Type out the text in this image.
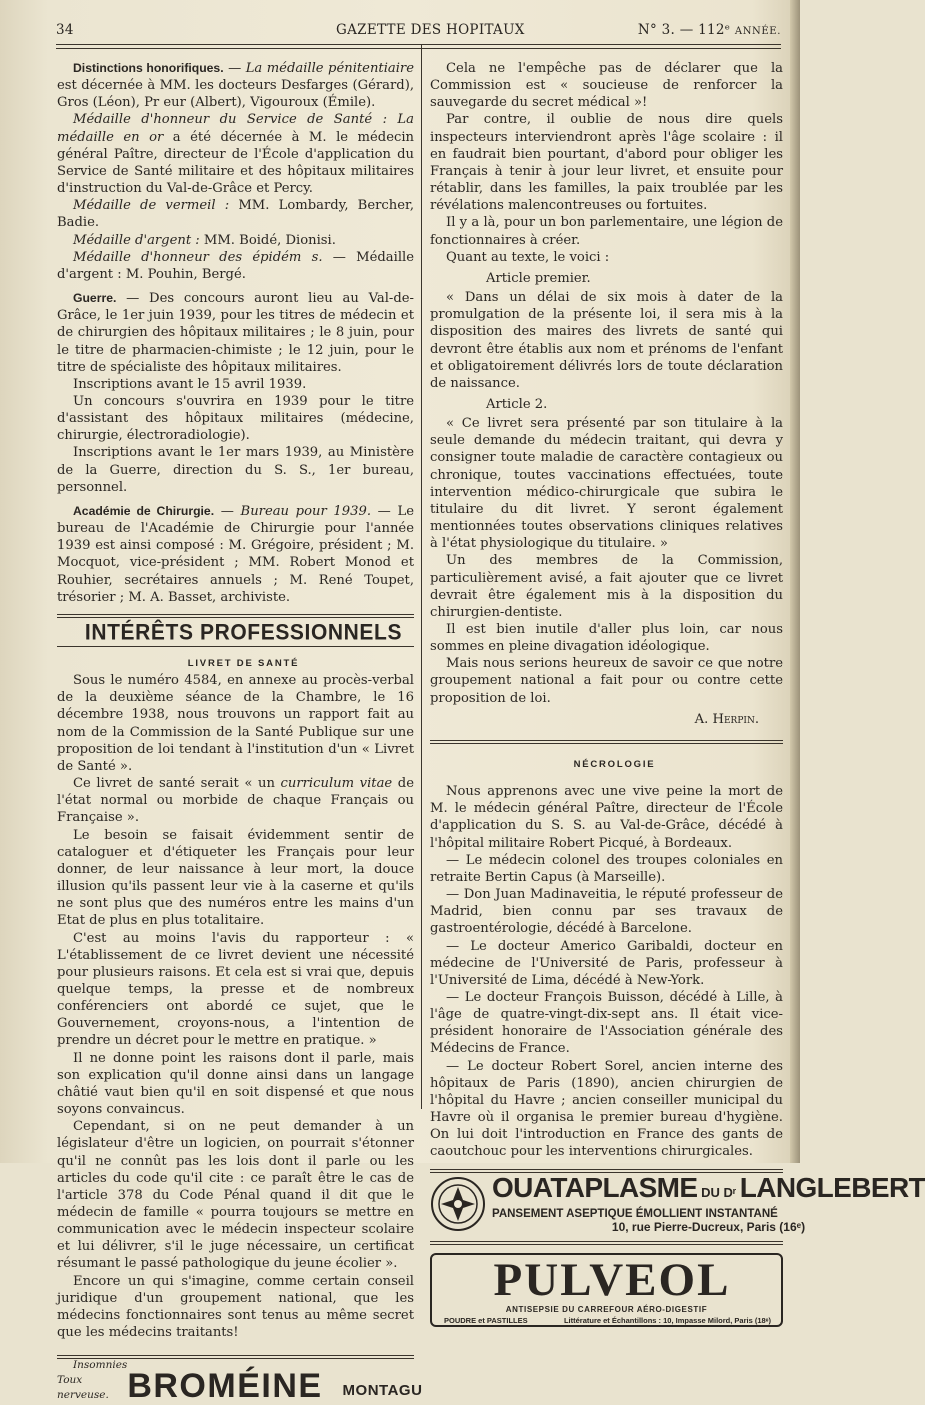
34	GAZETTE DES HOPITAUX	N° 3. — 112ᵉ ANNÉE.

Distinctions honorifiques. — La médaille pénitentiaire est décernée à MM. les docteurs Desfarges (Gérard), Gros (Léon), Pr eur (Albert), Vigouroux (Émile).

Médaille d'honneur du Service de Santé : La médaille en or a été décernée à M. le médecin général Paître, directeur de l'École d'application du Service de Santé militaire et des hôpitaux militaires d'instruction du Val-de-Grâce et Percy.

Médaille de vermeil : MM. Lombardy, Bercher, Badie.

Médaille d'argent : MM. Boidé, Dionisi.

Médaille d'honneur des épidém s. — Médaille d'argent : M. Pouhin, Bergé.

Guerre. — Des concours auront lieu au Val-de-Grâce, le 1er juin 1939, pour les titres de médecin et de chirurgien des hôpitaux militaires ; le 8 juin, pour le titre de pharmacien-chimiste ; le 12 juin, pour le titre de spécialiste des hôpitaux militaires.

Inscriptions avant le 15 avril 1939.

Un concours s'ouvrira en 1939 pour le titre d'assistant des hôpitaux militaires (médecine, chirurgie, électroradiologie).

Inscriptions avant le 1er mars 1939, au Ministère de la Guerre, direction du S. S., 1er bureau, personnel.

Académie de Chirurgie. — Bureau pour 1939. — Le bureau de l'Académie de Chirurgie pour l'année 1939 est ainsi composé : M. Grégoire, président ; M. Mocquot, vice-président ; MM. Robert Monod et Rouhier, secrétaires annuels ; M. René Toupet, trésorier ; M. A. Basset, archiviste.

INTÉRÊTS PROFESSIONNELS

LIVRET DE SANTÉ

Sous le numéro 4584, en annexe au procès-verbal de la deuxième séance de la Chambre, le 16 décembre 1938, nous trouvons un rapport fait au nom de la Commission de la Santé Publique sur une proposition de loi tendant à l'institution d'un « Livret de Santé ».

Ce livret de santé serait « un curriculum vitae de l'état normal ou morbide de chaque Français ou Française ».

Le besoin se faisait évidemment sentir de cataloguer et d'étiqueter les Français pour leur donner, de leur naissance à leur mort, la douce illusion qu'ils passent leur vie à la caserne et qu'ils ne sont plus que des numéros entre les mains d'un Etat de plus en plus totalitaire.

C'est au moins l'avis du rapporteur : « L'établissement de ce livret devient une nécessité pour plusieurs raisons. Et cela est si vrai que, depuis quelque temps, la presse et de nombreux conférenciers ont abordé ce sujet, que le Gouvernement, croyons-nous, a l'intention de prendre un décret pour le mettre en pratique. »

Il ne donne point les raisons dont il parle, mais son explication qu'il donne ainsi dans un langage châtié vaut bien qu'il en soit dispensé et que nous soyons convaincus.

Cependant, si on ne peut demander à un législateur d'être un logicien, on pourrait s'étonner qu'il ne connût pas les lois dont il parle ou les articles du code qu'il cite : ce paraît être le cas de l'article 378 du Code Pénal quand il dit que le médecin de famille « pourra toujours se mettre en communication avec le médecin inspecteur scolaire et lui délivrer, s'il le juge nécessaire, un certificat résumant le passé pathologique du jeune écolier ».

Encore un qui s'imagine, comme certain conseil juridique d'un groupement national, que les médecins fonctionnaires sont tenus au même secret que les médecins traitants!

Insomnies
Toux nerveuse. BROMÉINE MONTAGU

Cela ne l'empêche pas de déclarer que la Commission est « soucieuse de renforcer la sauvegarde du secret médical »!

Par contre, il oublie de nous dire quels inspecteurs interviendront après l'âge scolaire : il en faudrait bien pourtant, d'abord pour obliger les Français à tenir à jour leur livret, et ensuite pour rétablir, dans les familles, la paix troublée par les révélations malencontreuses ou fortuites.

Il y a là, pour un bon parlementaire, une légion de fonctionnaires à créer.

Quant au texte, le voici :

Article premier.

« Dans un délai de six mois à dater de la promulgation de la présente loi, il sera mis à la disposition des maires des livrets de santé qui devront être établis aux nom et prénoms de l'enfant et obligatoirement délivrés lors de toute déclaration de naissance.

Article 2.

« Ce livret sera présenté par son titulaire à la seule demande du médecin traitant, qui devra y consigner toute maladie de caractère contagieux ou chronique, toutes vaccinations effectuées, toute intervention médico-chirurgicale que subira le titulaire du dit livret. Y seront également mentionnées toutes observations cliniques relatives à l'état physiologique du titulaire. »

Un des membres de la Commission, particulièrement avisé, a fait ajouter que ce livret devrait être également mis à la disposition du chirurgien-dentiste.

Il est bien inutile d'aller plus loin, car nous sommes en pleine divagation idéologique.

Mais nous serions heureux de savoir ce que notre groupement national a fait pour ou contre cette proposition de loi.

A. Herpin.

NÉCROLOGIE

Nous apprenons avec une vive peine la mort de M. le médecin général Paître, directeur de l'École d'application du S. S. au Val-de-Grâce, décédé à l'hôpital militaire Robert Picqué, à Bordeaux.

— Le médecin colonel des troupes coloniales en retraite Bertin Capus (à Marseille).

— Don Juan Madinaveitia, le réputé professeur de Madrid, bien connu par ses travaux de gastroentérologie, décédé à Barcelone.

— Le docteur Americo Garibaldi, docteur en médecine de l'Université de Paris, professeur à l'Université de Lima, décédé à New-York.

— Le docteur François Buisson, décédé à Lille, à l'âge de quatre-vingt-dix-sept ans. Il était vice-président honoraire de l'Association générale des Médecins de France.

— Le docteur Robert Sorel, ancien interne des hôpitaux de Paris (1890), ancien chirurgien de l'hôpital du Havre ; ancien conseiller municipal du Havre où il organisa le premier bureau d'hygiène. On lui doit l'introduction en France des gants de caoutchouc pour les interventions chirurgicales.

OUATAPLASME DU Dʳ LANGLEBERT
PANSEMENT ASEPTIQUE ÉMOLLIENT INSTANTANÉ
10, rue Pierre-Ducreux, Paris (16ᵉ)
PULVEOL
ANTISEPSIE DU CARREFOUR AÉRO-DIGESTIF
POUDRE et PASTILLES	Littérature et Échantillons : 10, Impasse Milord, Paris (18ᵉ)
